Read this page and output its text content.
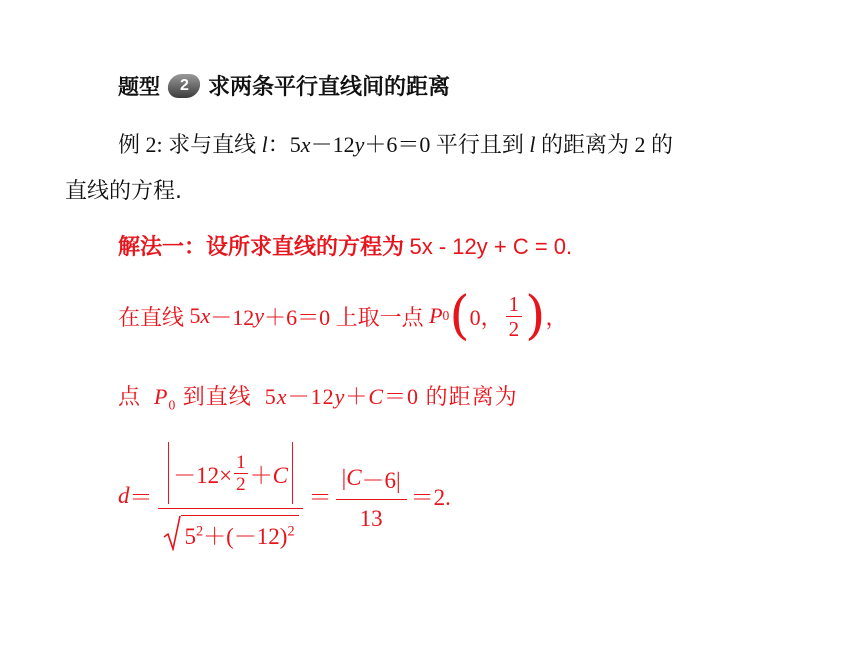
题型	2 求两条平行直线间的距离
例 2: 求与直线 l：5x－12y＋6＝0 平行且到 l 的距离为 2 的
直线的方程.
解法一：设所求直线的方程为 5x - 12y + C = 0.
在直线 5 x －12 y ＋6＝0 上取一点
P 0 ( 0， $\frac{1}{2}$ ) ，
点 $P_0$ 到直线  5x－12y＋C＝0 的距离为
$d = \frac{-12\times \frac{1}{2} +C}{5^2+(-12)^2} = \frac{| C -6|}{13} =2$.
